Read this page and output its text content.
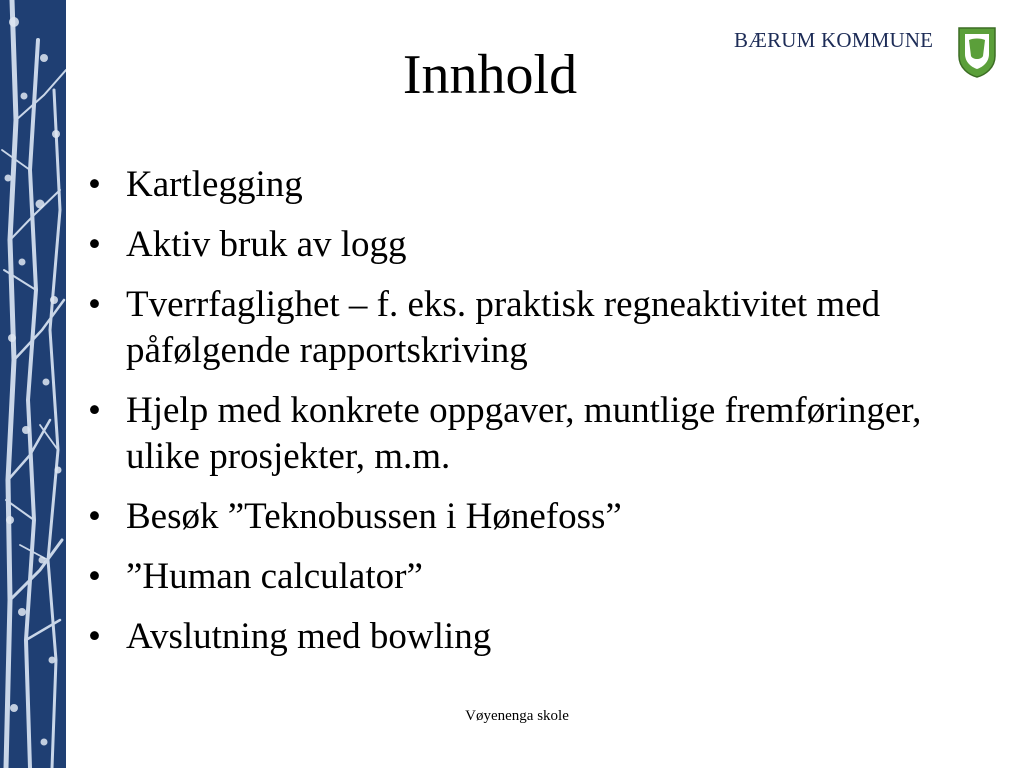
BÆRUM KOMMUNE
Innhold
• Kartlegging
• Aktiv bruk av logg
• Tverrfaglighet – f. eks. praktisk regneaktivitet med påfølgende rapportskriving
• Hjelp med konkrete oppgaver, muntlige fremføringer, ulike prosjekter, m.m.
• Besøk ”Teknobussen i Hønefoss”
• ”Human calculator”
• Avslutning med bowling
Vøyenenga skole
